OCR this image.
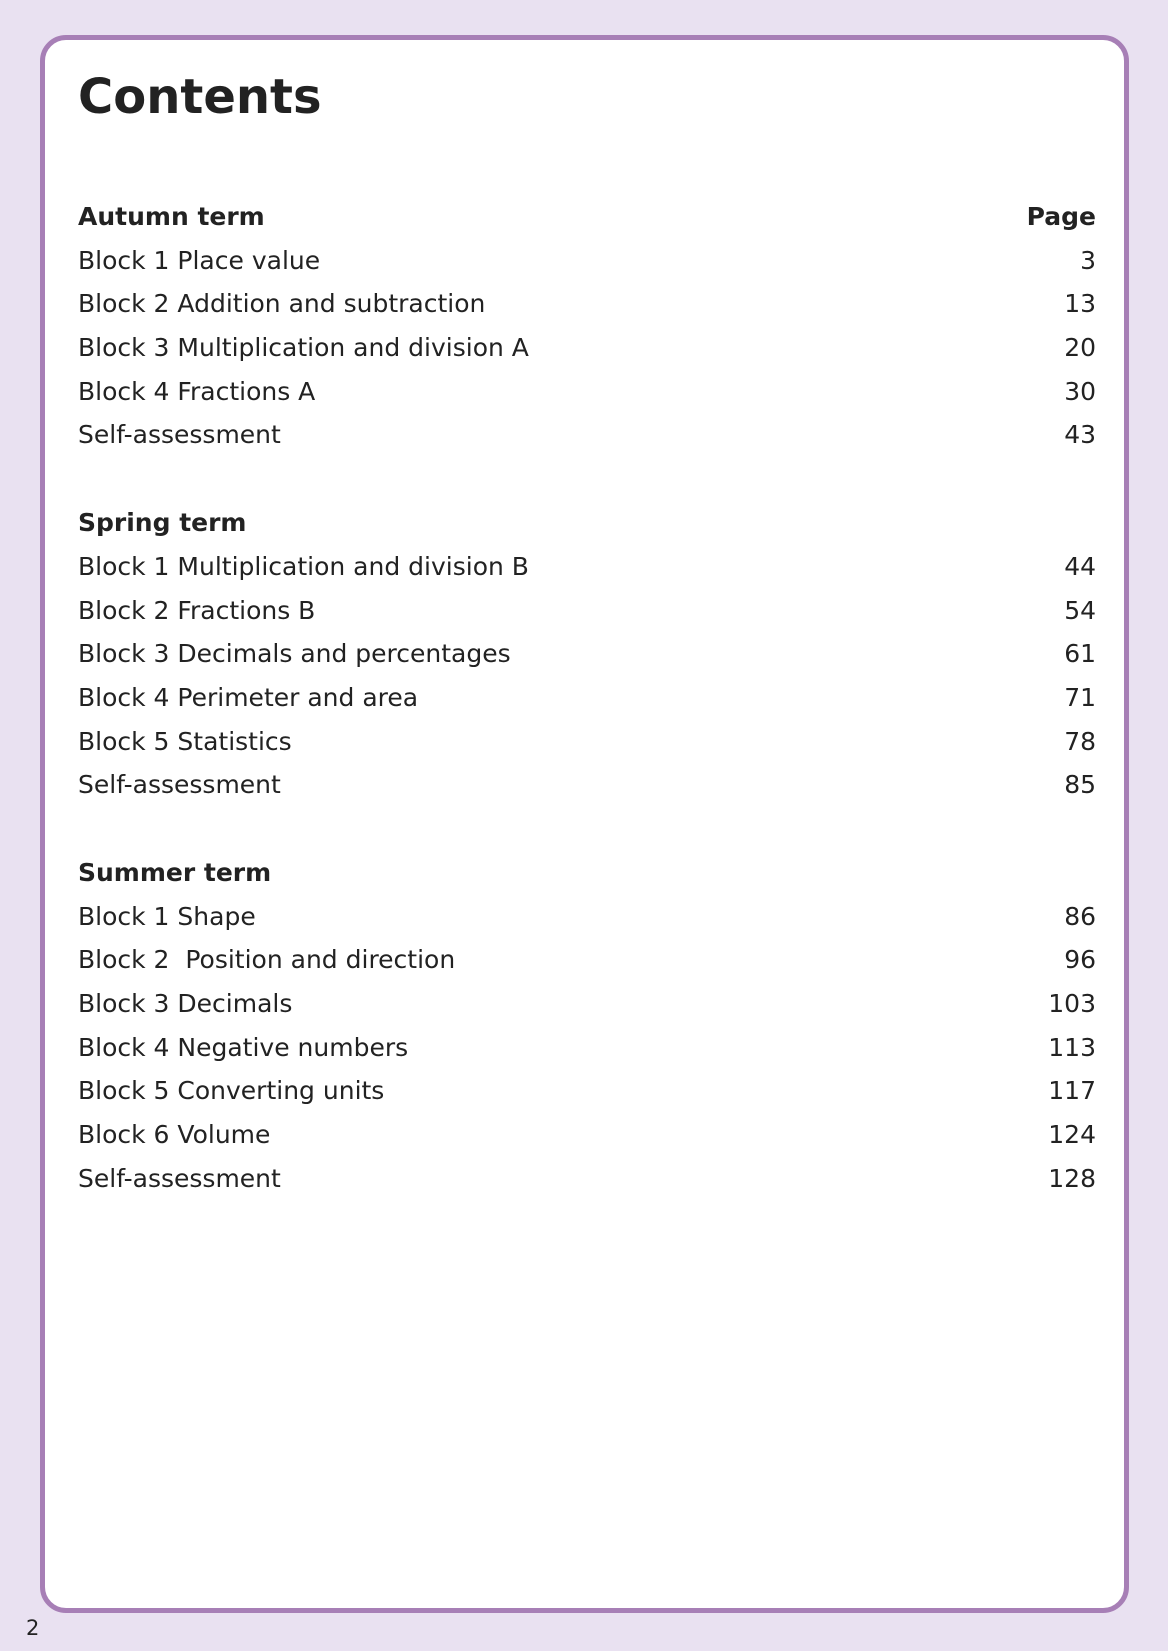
Contents
Autumn term	Page
Block 1 Place value	3
Block 2 Addition and subtraction	13
Block 3 Multiplication and division A	20
Block 4 Fractions A	30
Self-assessment	43
Spring term
Block 1 Multiplication and division B	44
Block 2 Fractions B	54
Block 3 Decimals and percentages	61
Block 4 Perimeter and area	71
Block 5 Statistics	78
Self-assessment	85
Summer term
Block 1 Shape	86
Block 2  Position and direction	96
Block 3 Decimals	103
Block 4 Negative numbers	113
Block 5 Converting units	117
Block 6 Volume	124
Self-assessment	128
2
